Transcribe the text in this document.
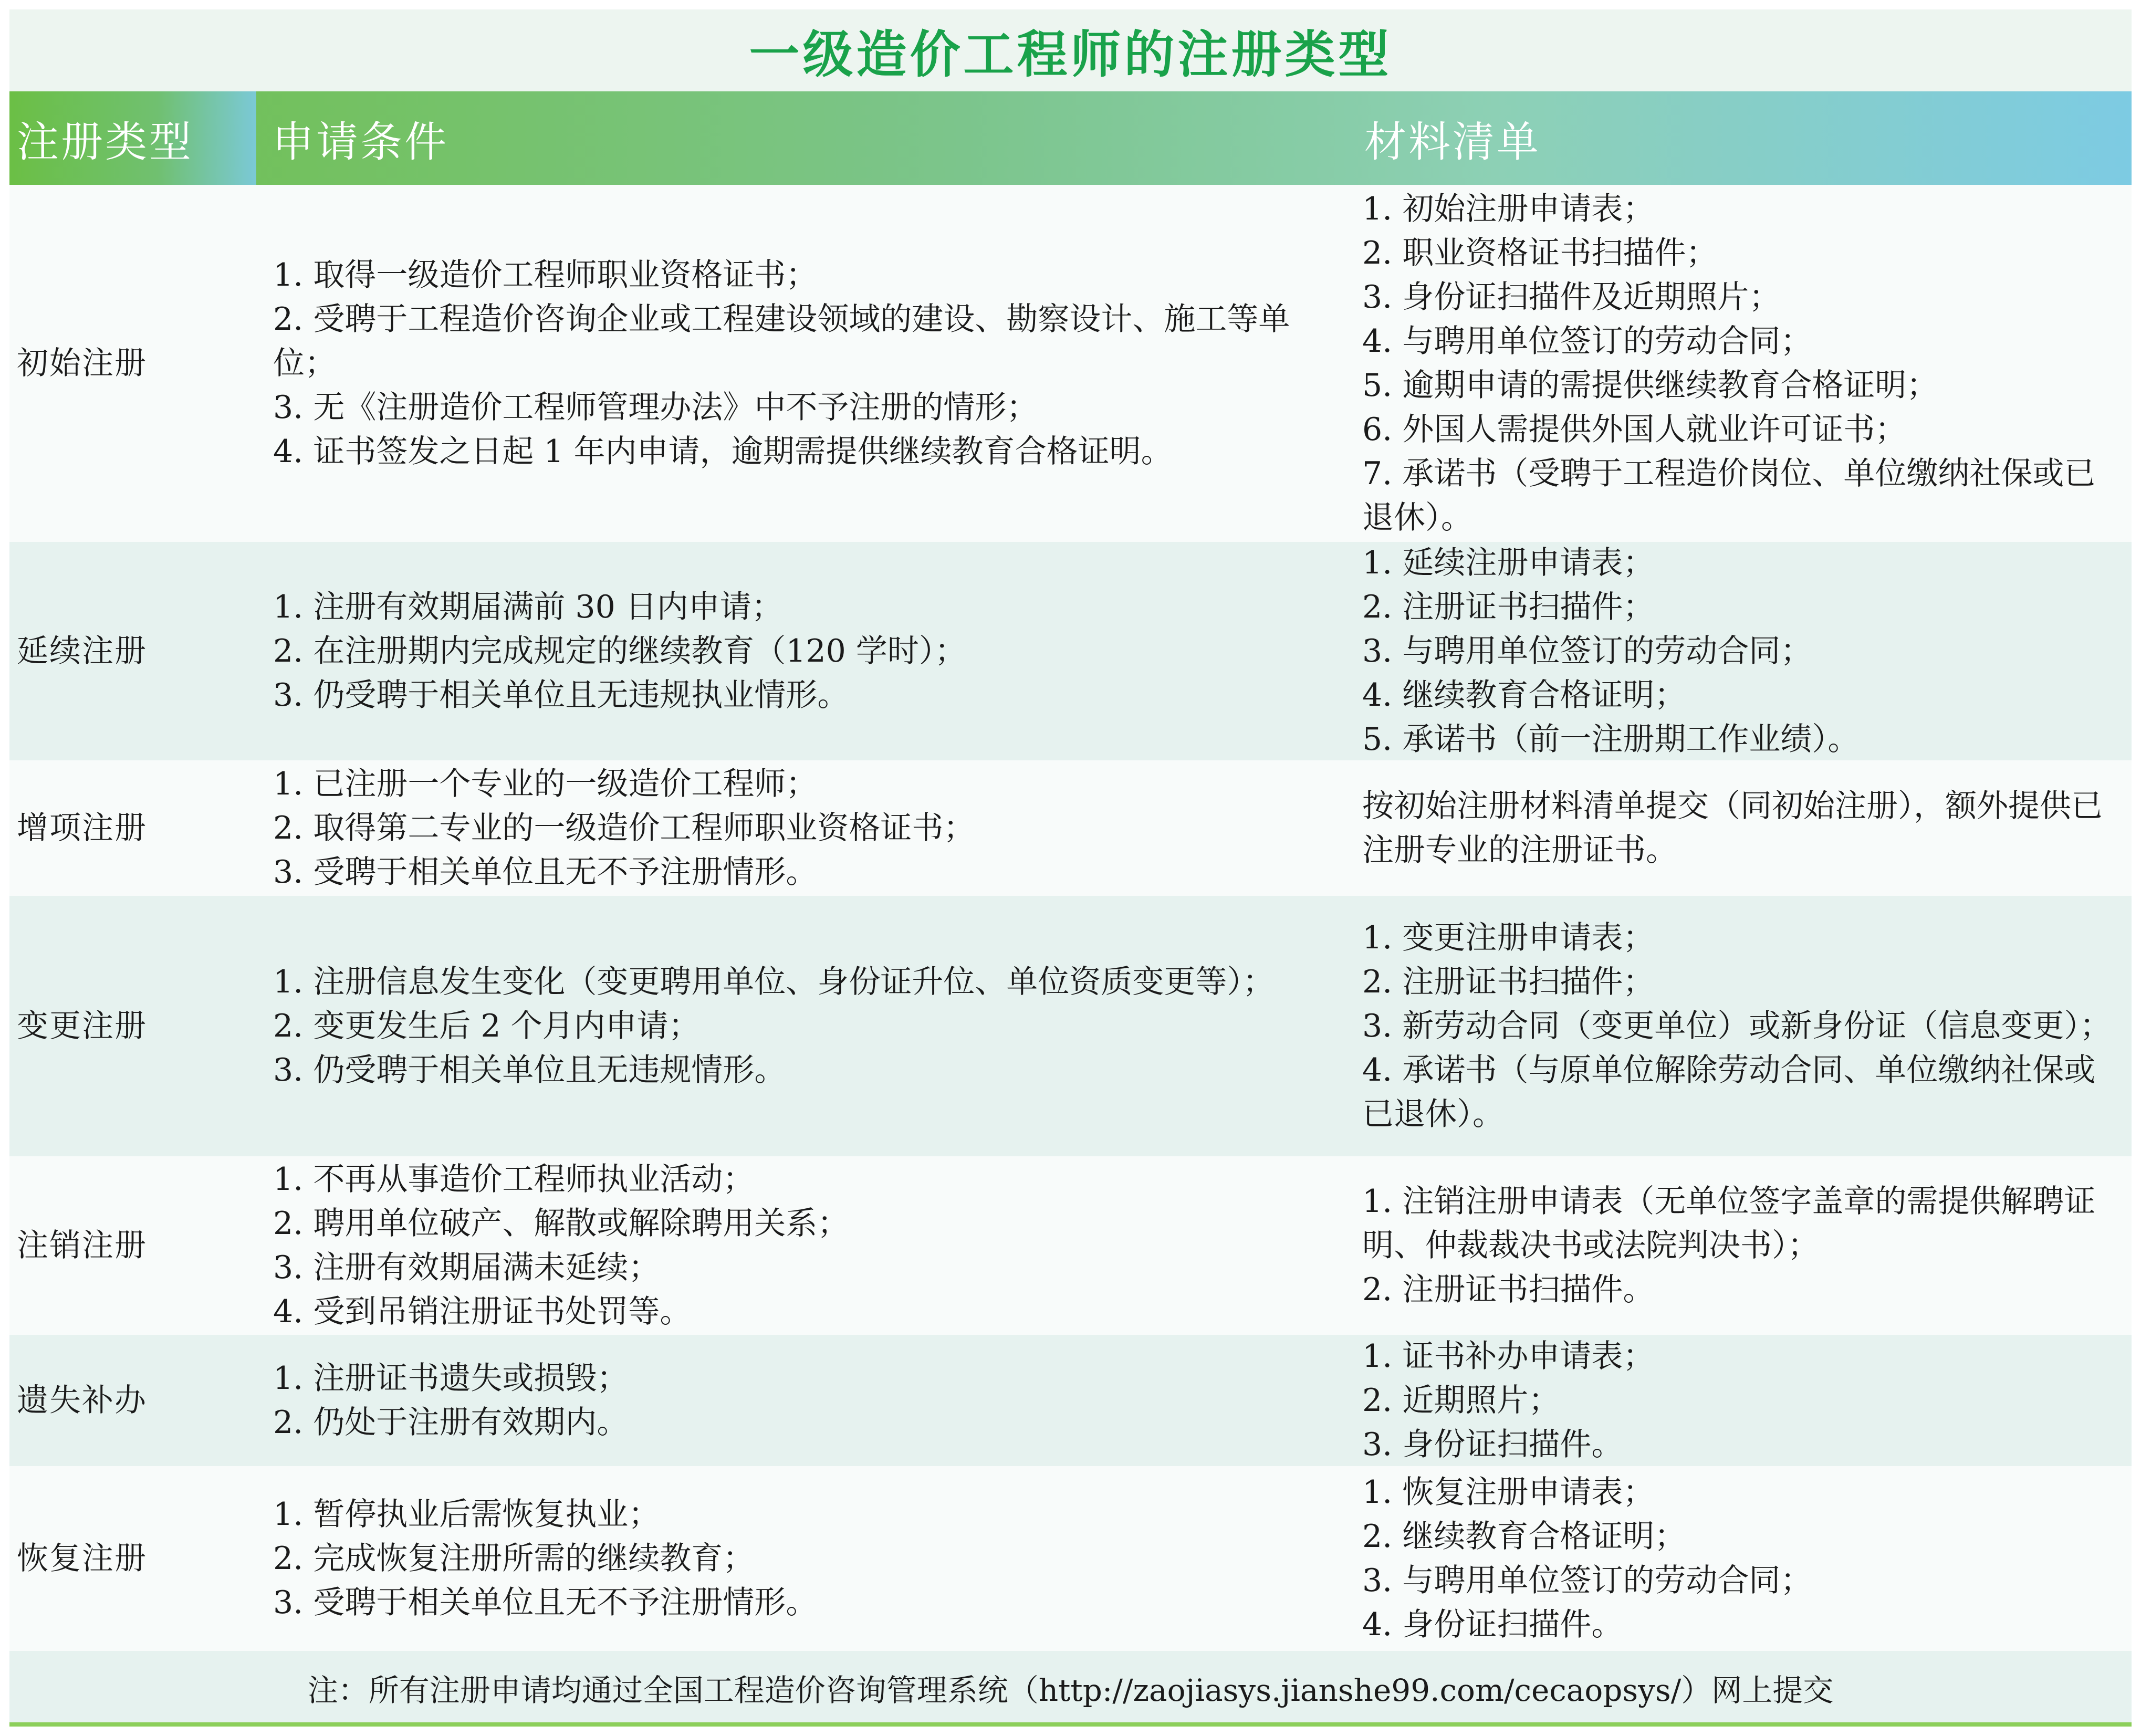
一级造价工程师的注册类型
注册类型	申请条件	材料清单
初始注册
1. 取得一级造价工程师职业资格证书；
2. 受聘于工程造价咨询企业或工程建设领域的建设、勘察设计、施工等单位；
3. 无《注册造价工程师管理办法》中不予注册的情形；
4. 证书签发之日起 1 年内申请，逾期需提供继续教育合格证明。
1. 初始注册申请表；
2. 职业资格证书扫描件；
3. 身份证扫描件及近期照片；
4. 与聘用单位签订的劳动合同；
5. 逾期申请的需提供继续教育合格证明；
6. 外国人需提供外国人就业许可证书；
7. 承诺书（受聘于工程造价岗位、单位缴纳社保或已退休）。
延续注册
1. 注册有效期届满前 30 日内申请；
2. 在注册期内完成规定的继续教育（120 学时）；
3. 仍受聘于相关单位且无违规执业情形。
1. 延续注册申请表；
2. 注册证书扫描件；
3. 与聘用单位签订的劳动合同；
4. 继续教育合格证明；
5. 承诺书（前一注册期工作业绩）。
增项注册
1. 已注册一个专业的一级造价工程师；
2. 取得第二专业的一级造价工程师职业资格证书；
3. 受聘于相关单位且无不予注册情形。
按初始注册材料清单提交（同初始注册），额外提供已注册专业的注册证书。
变更注册
1. 注册信息发生变化（变更聘用单位、身份证升位、单位资质变更等）；
2. 变更发生后 2 个月内申请；
3. 仍受聘于相关单位且无违规情形。
1. 变更注册申请表；
2. 注册证书扫描件；
3. 新劳动合同（变更单位）或新身份证（信息变更）；
4. 承诺书（与原单位解除劳动合同、单位缴纳社保或已退休）。
注销注册
1. 不再从事造价工程师执业活动；
2. 聘用单位破产、解散或解除聘用关系；
3. 注册有效期届满未延续；
4. 受到吊销注册证书处罚等。
1. 注销注册申请表（无单位签字盖章的需提供解聘证明、仲裁裁决书或法院判决书）；
2. 注册证书扫描件。
遗失补办
1. 注册证书遗失或损毁；
2. 仍处于注册有效期内。
1. 证书补办申请表；
2. 近期照片；
3. 身份证扫描件。
恢复注册
1. 暂停执业后需恢复执业；
2. 完成恢复注册所需的继续教育；
3. 受聘于相关单位且无不予注册情形。
1. 恢复注册申请表；
2. 继续教育合格证明；
3. 与聘用单位签订的劳动合同；
4. 身份证扫描件。
注：所有注册申请均通过全国工程造价咨询管理系统（http://zaojiasys.jianshe99.com/cecaopsys/）网上提交
